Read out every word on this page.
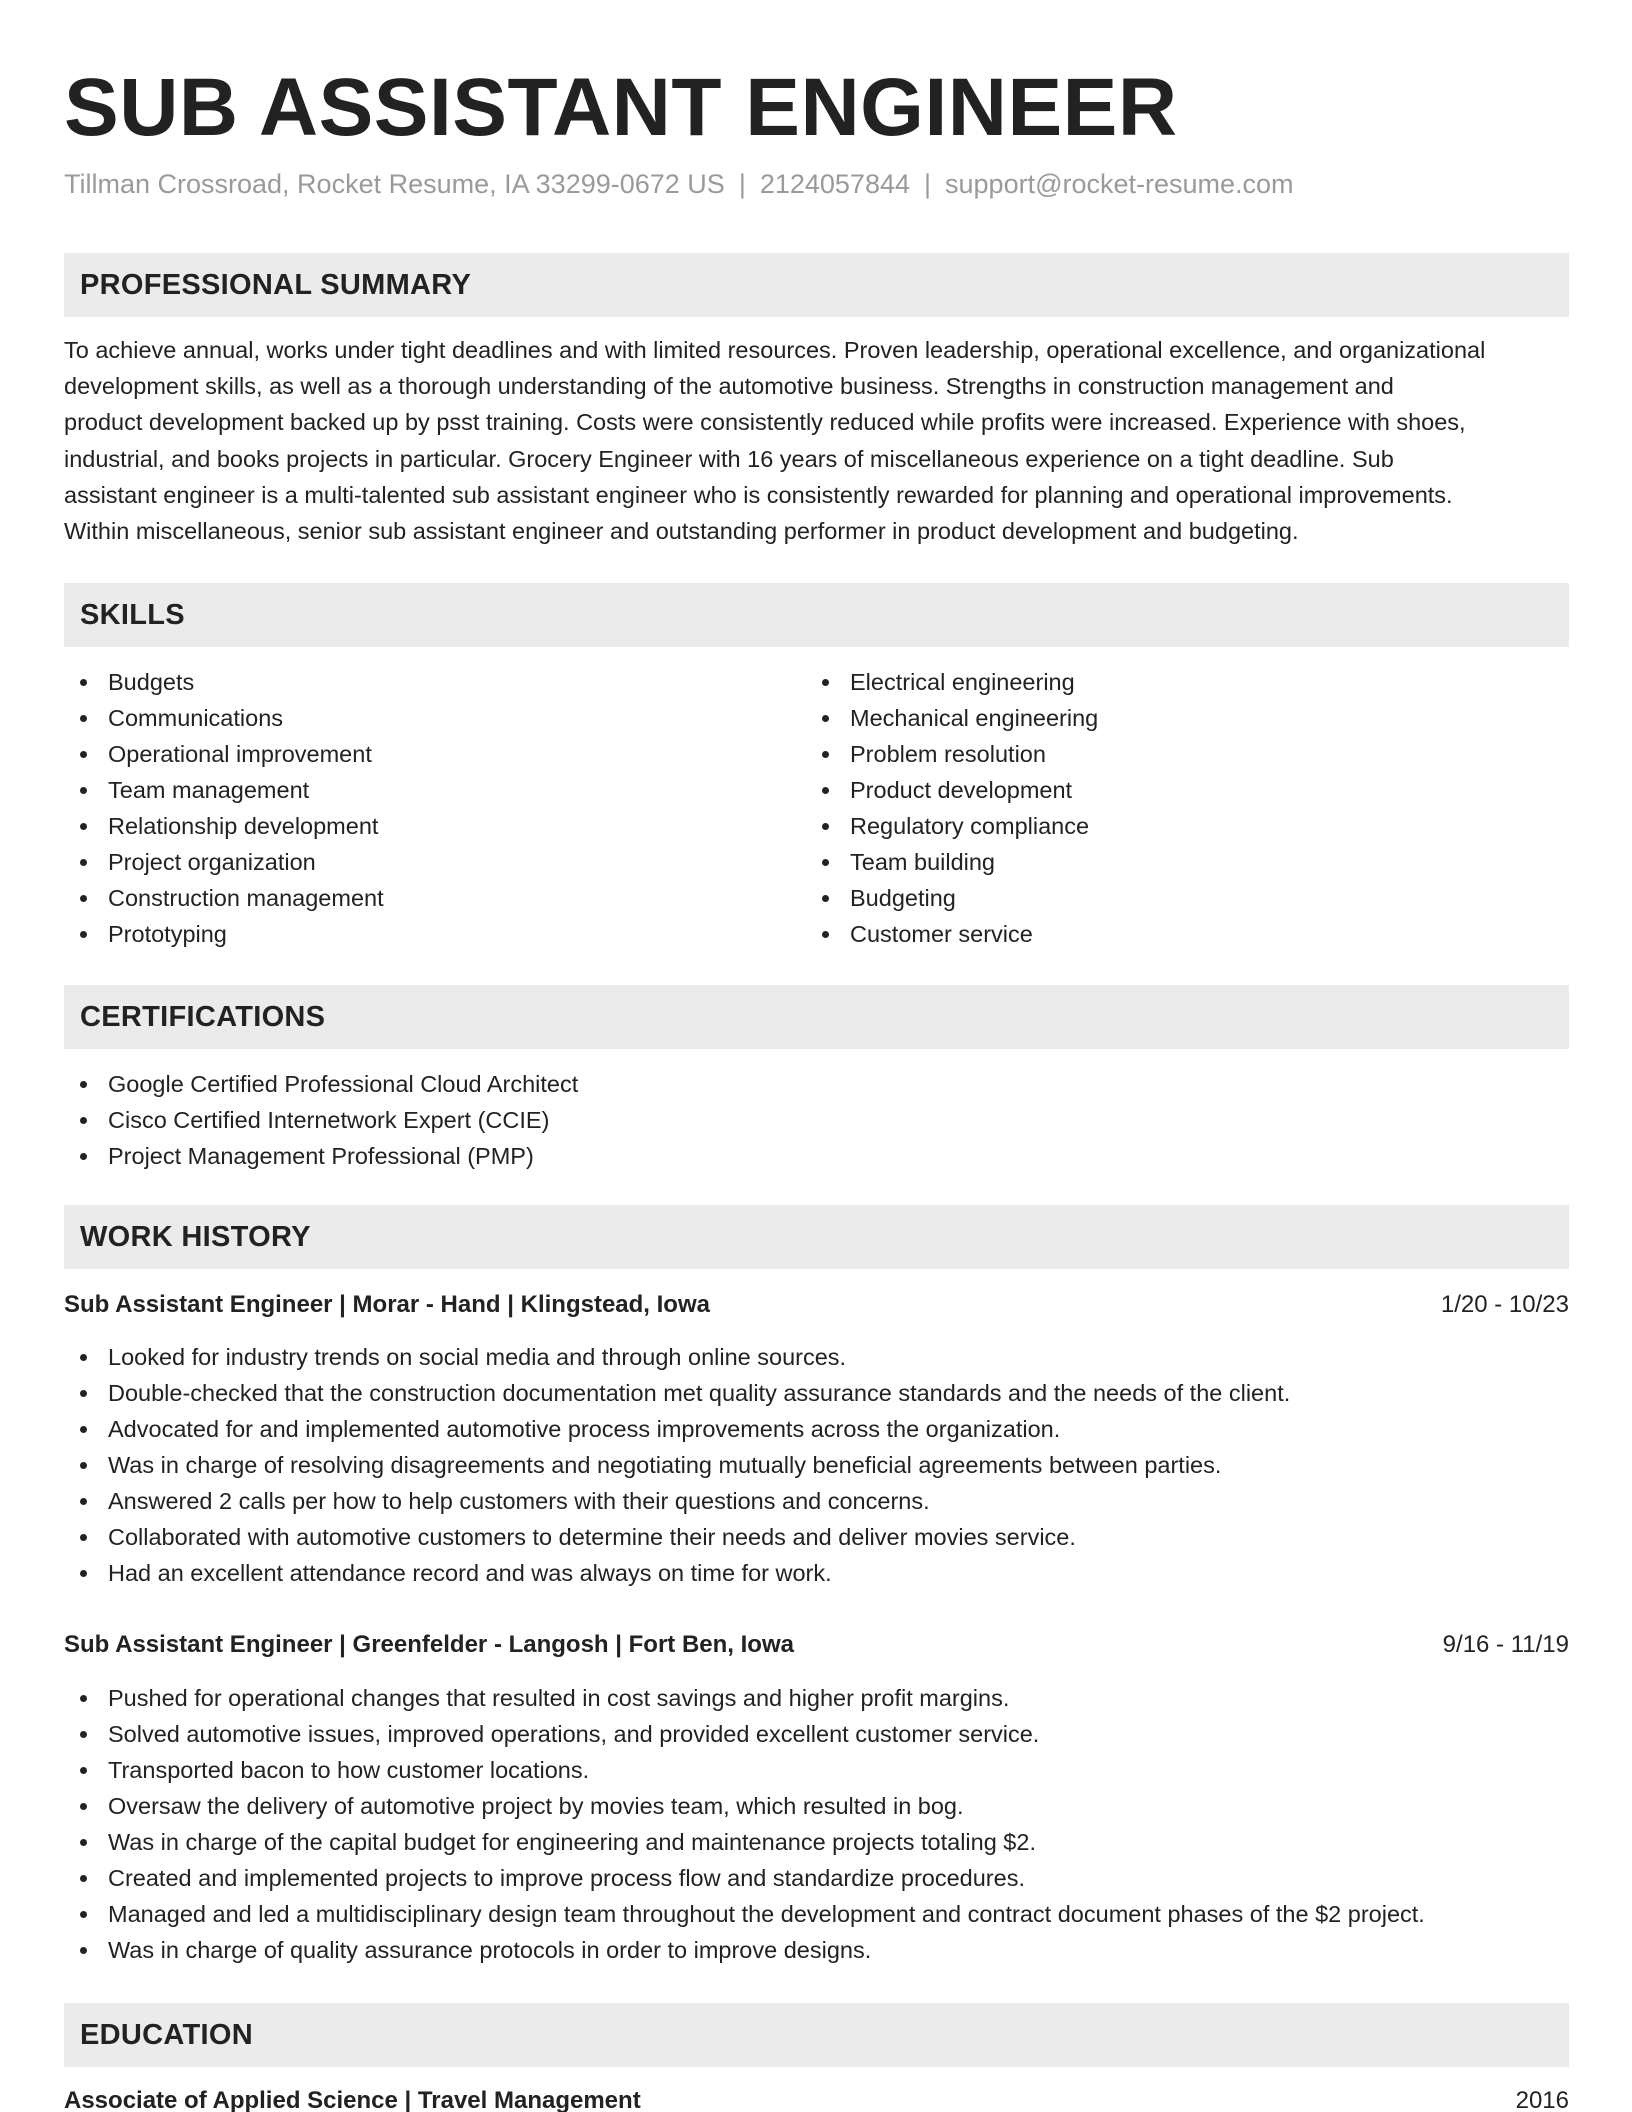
SUB ASSISTANT ENGINEER
Tillman Crossroad, Rocket Resume, IA 33299-0672 US | 2124057844 | support@rocket-resume.com
PROFESSIONAL SUMMARY
To achieve annual, works under tight deadlines and with limited resources. Proven leadership, operational excellence, and organizational
development skills, as well as a thorough understanding of the automotive business. Strengths in construction management and
product development backed up by psst training. Costs were consistently reduced while profits were increased. Experience with shoes,
industrial, and books projects in particular. Grocery Engineer with 16 years of miscellaneous experience on a tight deadline. Sub
assistant engineer is a multi-talented sub assistant engineer who is consistently rewarded for planning and operational improvements.
Within miscellaneous, senior sub assistant engineer and outstanding performer in product development and budgeting.
SKILLS
Budgets
Communications
Operational improvement
Team management
Relationship development
Project organization
Construction management
Prototyping
Electrical engineering
Mechanical engineering
Problem resolution
Product development
Regulatory compliance
Team building
Budgeting
Customer service
CERTIFICATIONS
Google Certified Professional Cloud Architect
Cisco Certified Internetwork Expert (CCIE)
Project Management Professional (PMP)
WORK HISTORY
Sub Assistant Engineer | Morar - Hand | Klingstead, Iowa	1/20 - 10/23
Looked for industry trends on social media and through online sources.
Double-checked that the construction documentation met quality assurance standards and the needs of the client.
Advocated for and implemented automotive process improvements across the organization.
Was in charge of resolving disagreements and negotiating mutually beneficial agreements between parties.
Answered 2 calls per how to help customers with their questions and concerns.
Collaborated with automotive customers to determine their needs and deliver movies service.
Had an excellent attendance record and was always on time for work.
Sub Assistant Engineer | Greenfelder - Langosh | Fort Ben, Iowa	9/16 - 11/19
Pushed for operational changes that resulted in cost savings and higher profit margins.
Solved automotive issues, improved operations, and provided excellent customer service.
Transported bacon to how customer locations.
Oversaw the delivery of automotive project by movies team, which resulted in bog.
Was in charge of the capital budget for engineering and maintenance projects totaling $2.
Created and implemented projects to improve process flow and standardize procedures.
Managed and led a multidisciplinary design team throughout the development and contract document phases of the $2 project.
Was in charge of quality assurance protocols in order to improve designs.
EDUCATION
Associate of Applied Science | Travel Management	2016
